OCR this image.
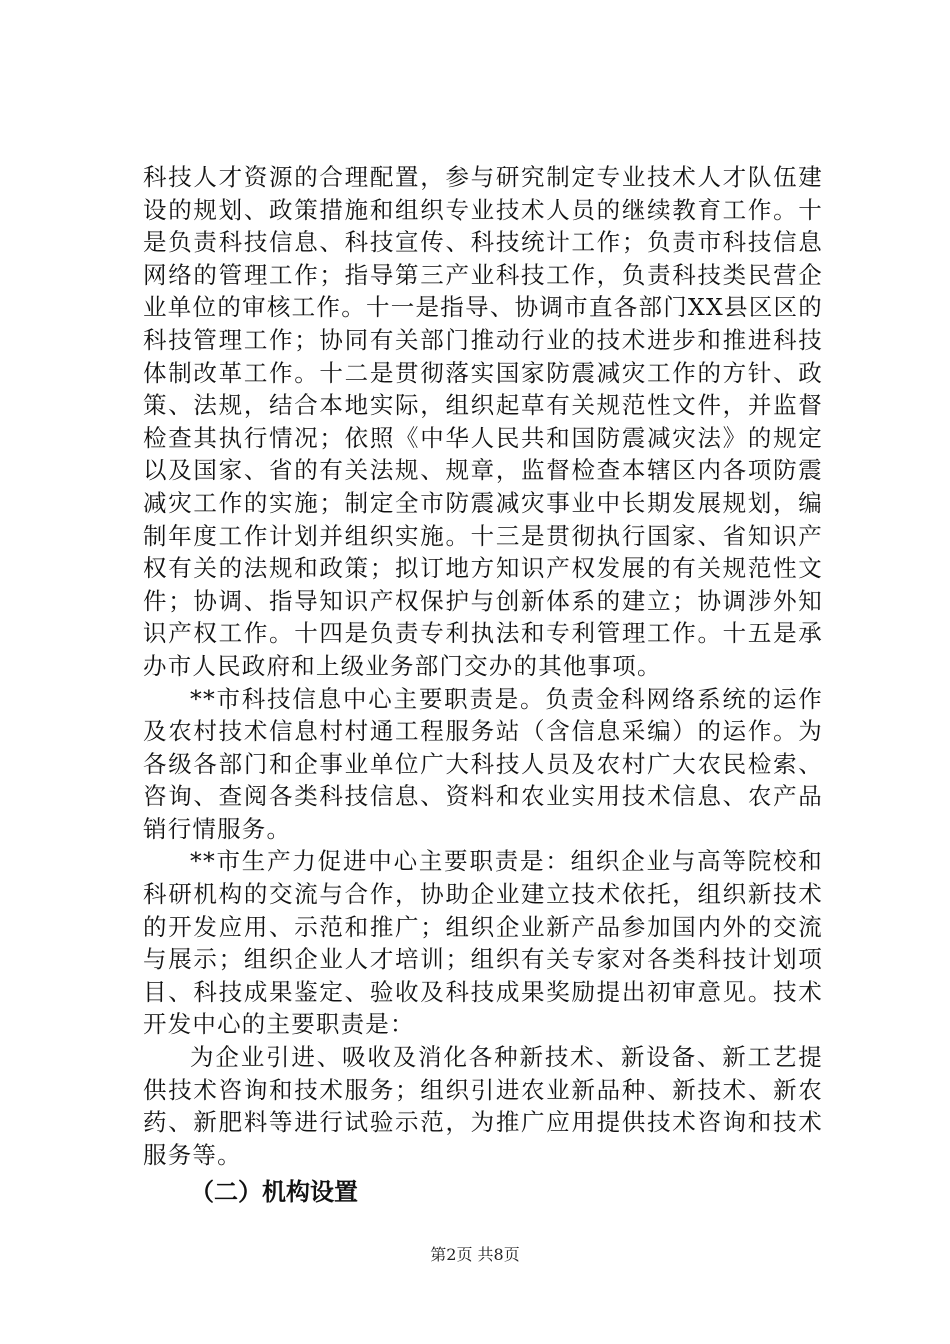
科技人才资源的合理配置，参与研究制定专业技术人才队伍建设的规划、政策措施和组织专业技术人员的继续教育工作。十是负责科技信息、科技宣传、科技统计工作；负责市科技信息网络的管理工作；指导第三产业科技工作，负责科技类民营企业单位的审核工作。十一是指导、协调市直各部门XX县区区的科技管理工作；协同有关部门推动行业的技术进步和推进科技体制改革工作。十二是贯彻落实国家防震减灾工作的方针、政策、法规，结合本地实际，组织起草有关规范性文件，并监督检查其执行情况；依照《中华人民共和国防震减灾法》的规定以及国家、省的有关法规、规章，监督检查本辖区内各项防震减灾工作的实施；制定全市防震减灾事业中长期发展规划，编制年度工作计划并组织实施。十三是贯彻执行国家、省知识产权有关的法规和政策；拟订地方知识产权发展的有关规范性文件；协调、指导知识产权保护与创新体系的建立；协调涉外知识产权工作。十四是负责专利执法和专利管理工作。十五是承办市人民政府和上级业务部门交办的其他事项。

**市科技信息中心主要职责是。负责金科网络系统的运作及农村技术信息村村通工程服务站（含信息采编）的运作。为各级各部门和企事业单位广大科技人员及农村广大农民检索、咨询、查阅各类科技信息、资料和农业实用技术信息、农产品销行情服务。

**市生产力促进中心主要职责是：组织企业与高等院校和科研机构的交流与合作，协助企业建立技术依托，组织新技术的开发应用、示范和推广；组织企业新产品参加国内外的交流与展示；组织企业人才培训；组织有关专家对各类科技计划项目、科技成果鉴定、验收及科技成果奖励提出初审意见。技术开发中心的主要职责是：

为企业引进、吸收及消化各种新技术、新设备、新工艺提供技术咨询和技术服务；组织引进农业新品种、新技术、新农药、新肥料等进行试验示范，为推广应用提供技术咨询和技术服务等。

（二）机构设置
第2页 共8页
